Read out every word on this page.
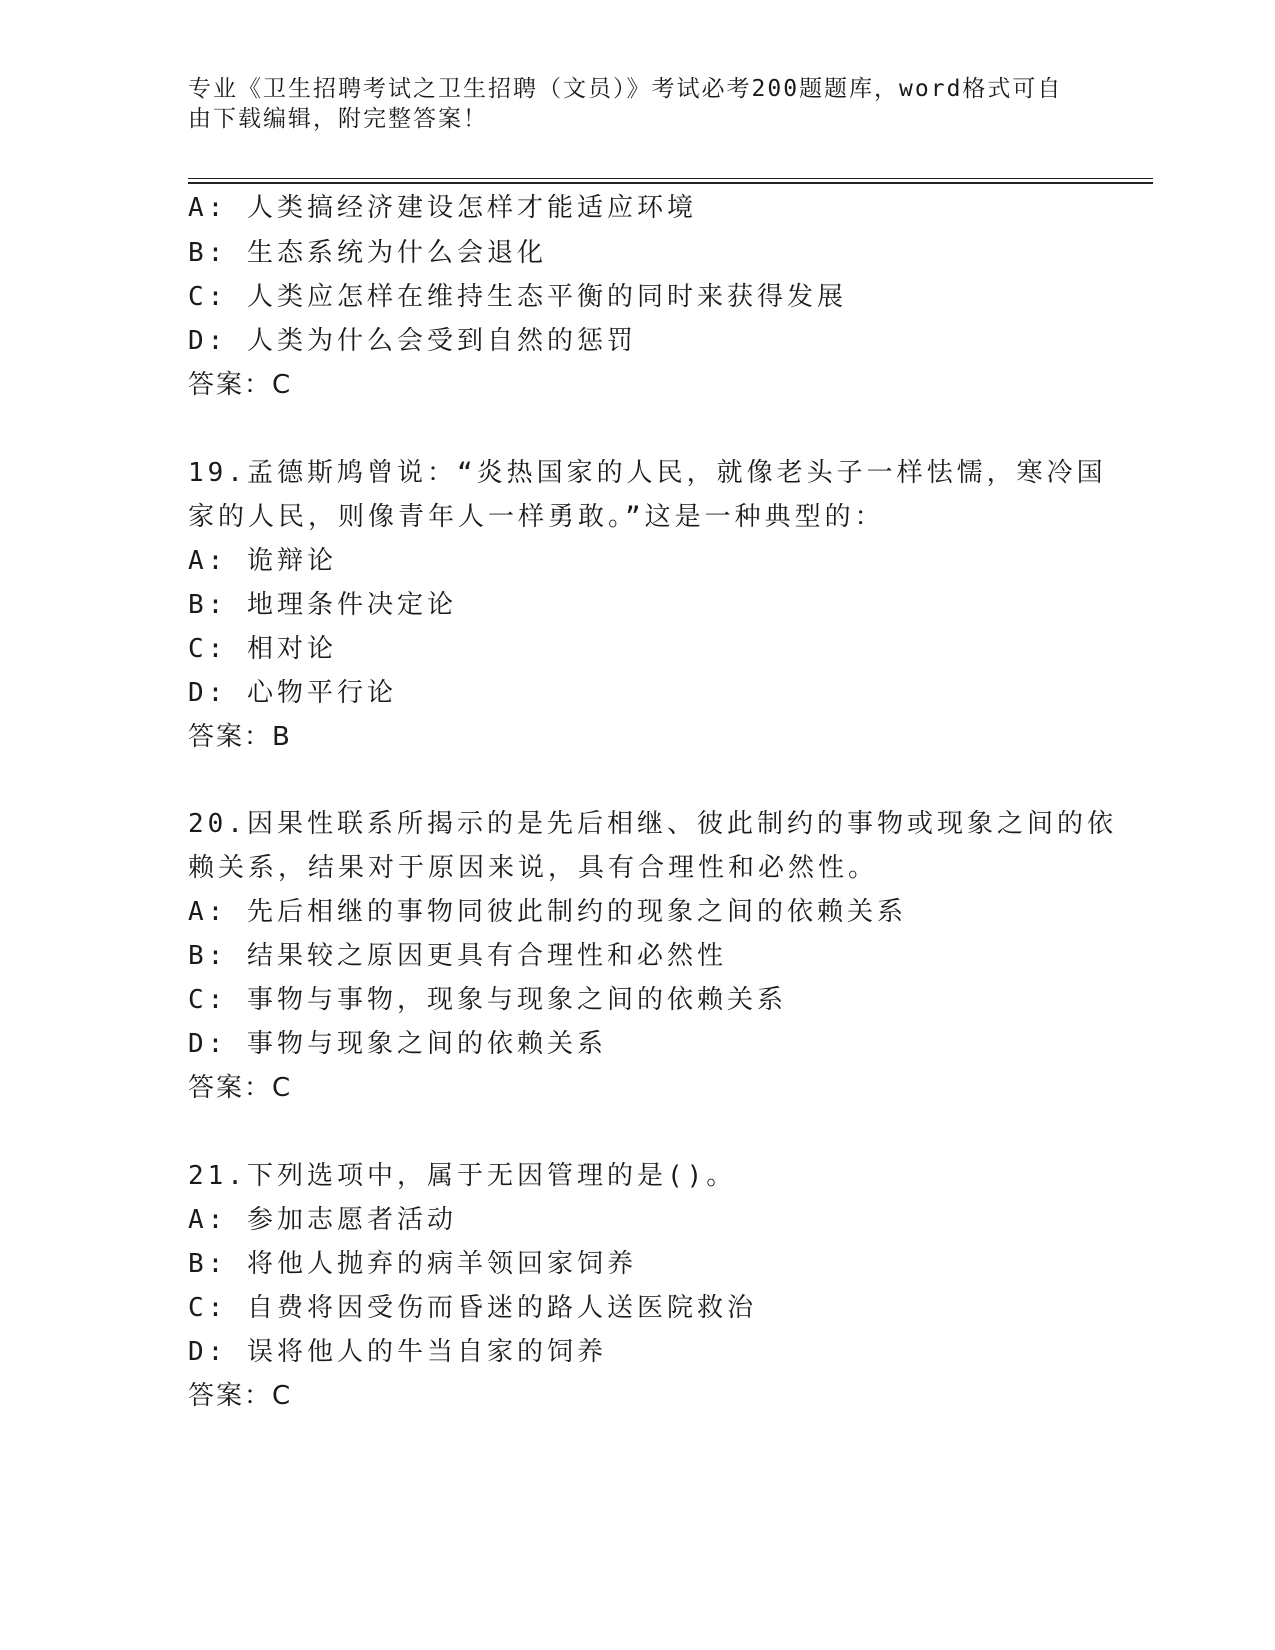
专业《卫生招聘考试之卫生招聘（文员）》考试必考200题题库，word格式可自
由下载编辑，附完整答案！
A: 人类搞经济建设怎样才能适应环境
B: 生态系统为什么会退化
C: 人类应怎样在维持生态平衡的同时来获得发展
D: 人类为什么会受到自然的惩罚
答案：C
19.孟德斯鸠曾说：“炎热国家的人民，就像老头子一样怯懦，寒冷国
家的人民，则像青年人一样勇敢。”这是一种典型的：
A: 诡辩论
B: 地理条件决定论
C: 相对论
D: 心物平行论
答案：B
20.因果性联系所揭示的是先后相继、彼此制约的事物或现象之间的依
赖关系，结果对于原因来说，具有合理性和必然性。
A: 先后相继的事物同彼此制约的现象之间的依赖关系
B: 结果较之原因更具有合理性和必然性
C: 事物与事物，现象与现象之间的依赖关系
D: 事物与现象之间的依赖关系
答案：C
21.下列选项中，属于无因管理的是()。
A: 参加志愿者活动
B: 将他人抛弃的病羊领回家饲养
C: 自费将因受伤而昏迷的路人送医院救治
D: 误将他人的牛当自家的饲养
答案：C
